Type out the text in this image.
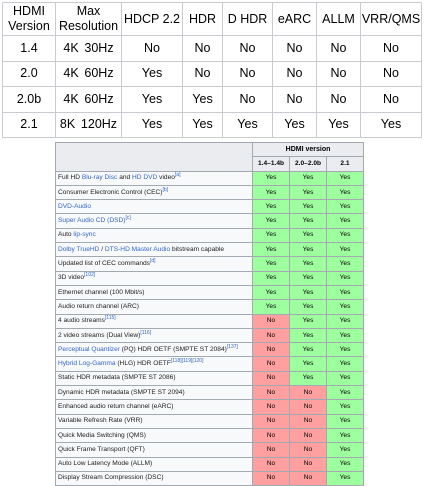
HDMI Version	Max Resolution	HDCP 2.2	HDR	D HDR	eARC	ALLM	VRR/QMS
1.4	4K 30Hz	No	No	No	No	No	No
2.0	4K 60Hz	Yes	No	No	No	No	No
2.0b	4K 60Hz	Yes	Yes	No	No	No	No
2.1	8K 120Hz	Yes	Yes	Yes	Yes	Yes	Yes
	HDMI version		
	1.4–1.4b	2.0–2.0b	2.1
Full HD Blu-ray Disc and HD DVD video[a]	Yes	Yes	Yes
Consumer Electronic Control (CEC)[b]	Yes	Yes	Yes
DVD-Audio	Yes	Yes	Yes
Super Audio CD (DSD)[c]	Yes	Yes	Yes
Auto lip-sync	Yes	Yes	Yes
Dolby TrueHD / DTS-HD Master Audio bitstream capable	Yes	Yes	Yes
Updated list of CEC commands[d]	Yes	Yes	Yes
3D video[102]	Yes	Yes	Yes
Ethernet channel (100 Mbit/s)	Yes	Yes	Yes
Audio return channel (ARC)	Yes	Yes	Yes
4 audio streams[115]	No	Yes	Yes
2 video streams (Dual View)[116]	No	Yes	Yes
Perceptual Quantizer (PQ) HDR OETF (SMPTE ST 2084)[137]	No	Yes	Yes
Hybrid Log-Gamma (HLG) HDR OETF[118][119][120]	No	Yes	Yes
Static HDR metadata (SMPTE ST 2086)	No	Yes	Yes
Dynamic HDR metadata (SMPTE ST 2094)	No	No	Yes
Enhanced audio return channel (eARC)	No	No	Yes
Variable Refresh Rate (VRR)	No	No	Yes
Quick Media Switching (QMS)	No	No	Yes
Quick Frame Transport (QFT)	No	No	Yes
Auto Low Latency Mode (ALLM)	No	No	Yes
Display Stream Compression (DSC)	No	No	Yes
